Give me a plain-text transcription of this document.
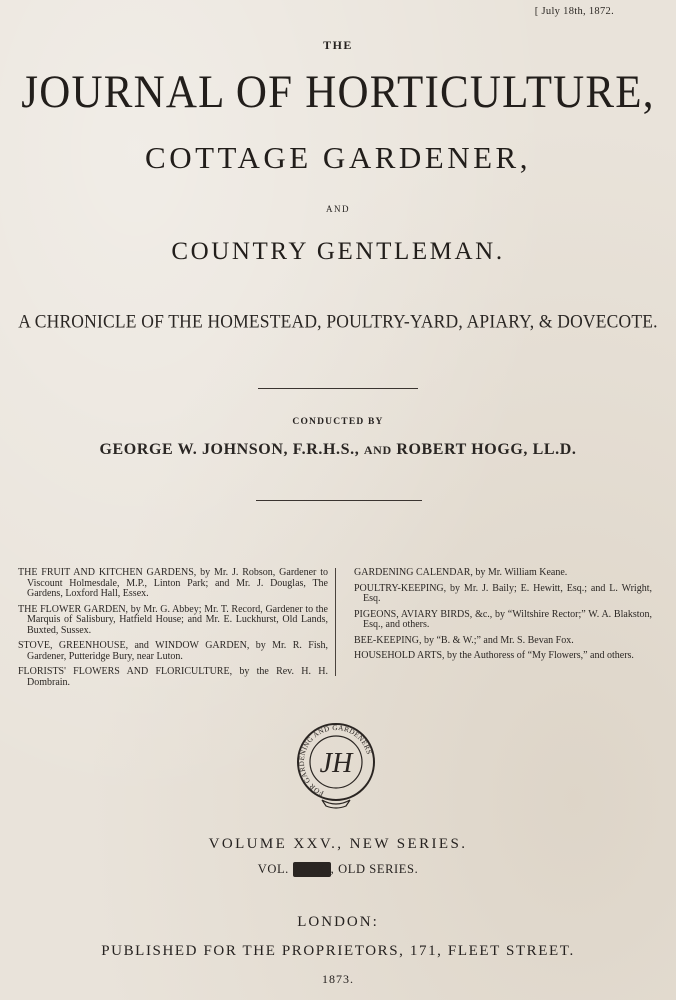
[ July 18th, 1872.
THE
JOURNAL OF HORTICULTURE,
COTTAGE GARDENER,
AND
COUNTRY GENTLEMAN.
A CHRONICLE OF THE HOMESTEAD, POULTRY-YARD, APIARY, & DOVECOTE.
CONDUCTED BY
GEORGE W. JOHNSON, F.R.H.S., AND ROBERT HOGG, LL.D.

THE FRUIT AND KITCHEN GARDENS, by Mr. J. Robson, Gardener to Viscount Holmesdale, M.P., Linton Park; and Mr. J. Douglas, The Gardens, Loxford Hall, Essex.

THE FLOWER GARDEN, by Mr. G. Abbey; Mr. T. Record, Gardener to the Marquis of Salisbury, Hatfield House; and Mr. E. Luckhurst, Old Lands, Buxted, Sussex.

STOVE, GREENHOUSE, and WINDOW GARDEN, by Mr. R. Fish, Gardener, Putteridge Bury, near Luton.

FLORISTS' FLOWERS AND FLORICULTURE, by the Rev. H. H. Dombrain.

GARDENING CALENDAR, by Mr. William Keane.

POULTRY-KEEPING, by Mr. J. Baily; E. Hewitt, Esq.; and L. Wright, Esq.

PIGEONS, AVIARY BIRDS, &c., by “Wiltshire Rector;” W. A. Blakston, Esq., and others.

BEE-KEEPING, by “B. & W.;” and Mr. S. Bevan Fox.

HOUSEHOLD ARTS, by the Authoress of “My Flowers,” and others.

FOR GARDENING AND GARDENERS
JH
VOLUME XXV., NEW SERIES.
VOL. XLIX., OLD SERIES.
LONDON:
PUBLISHED FOR THE PROPRIETORS, 171, FLEET STREET.
1873.
